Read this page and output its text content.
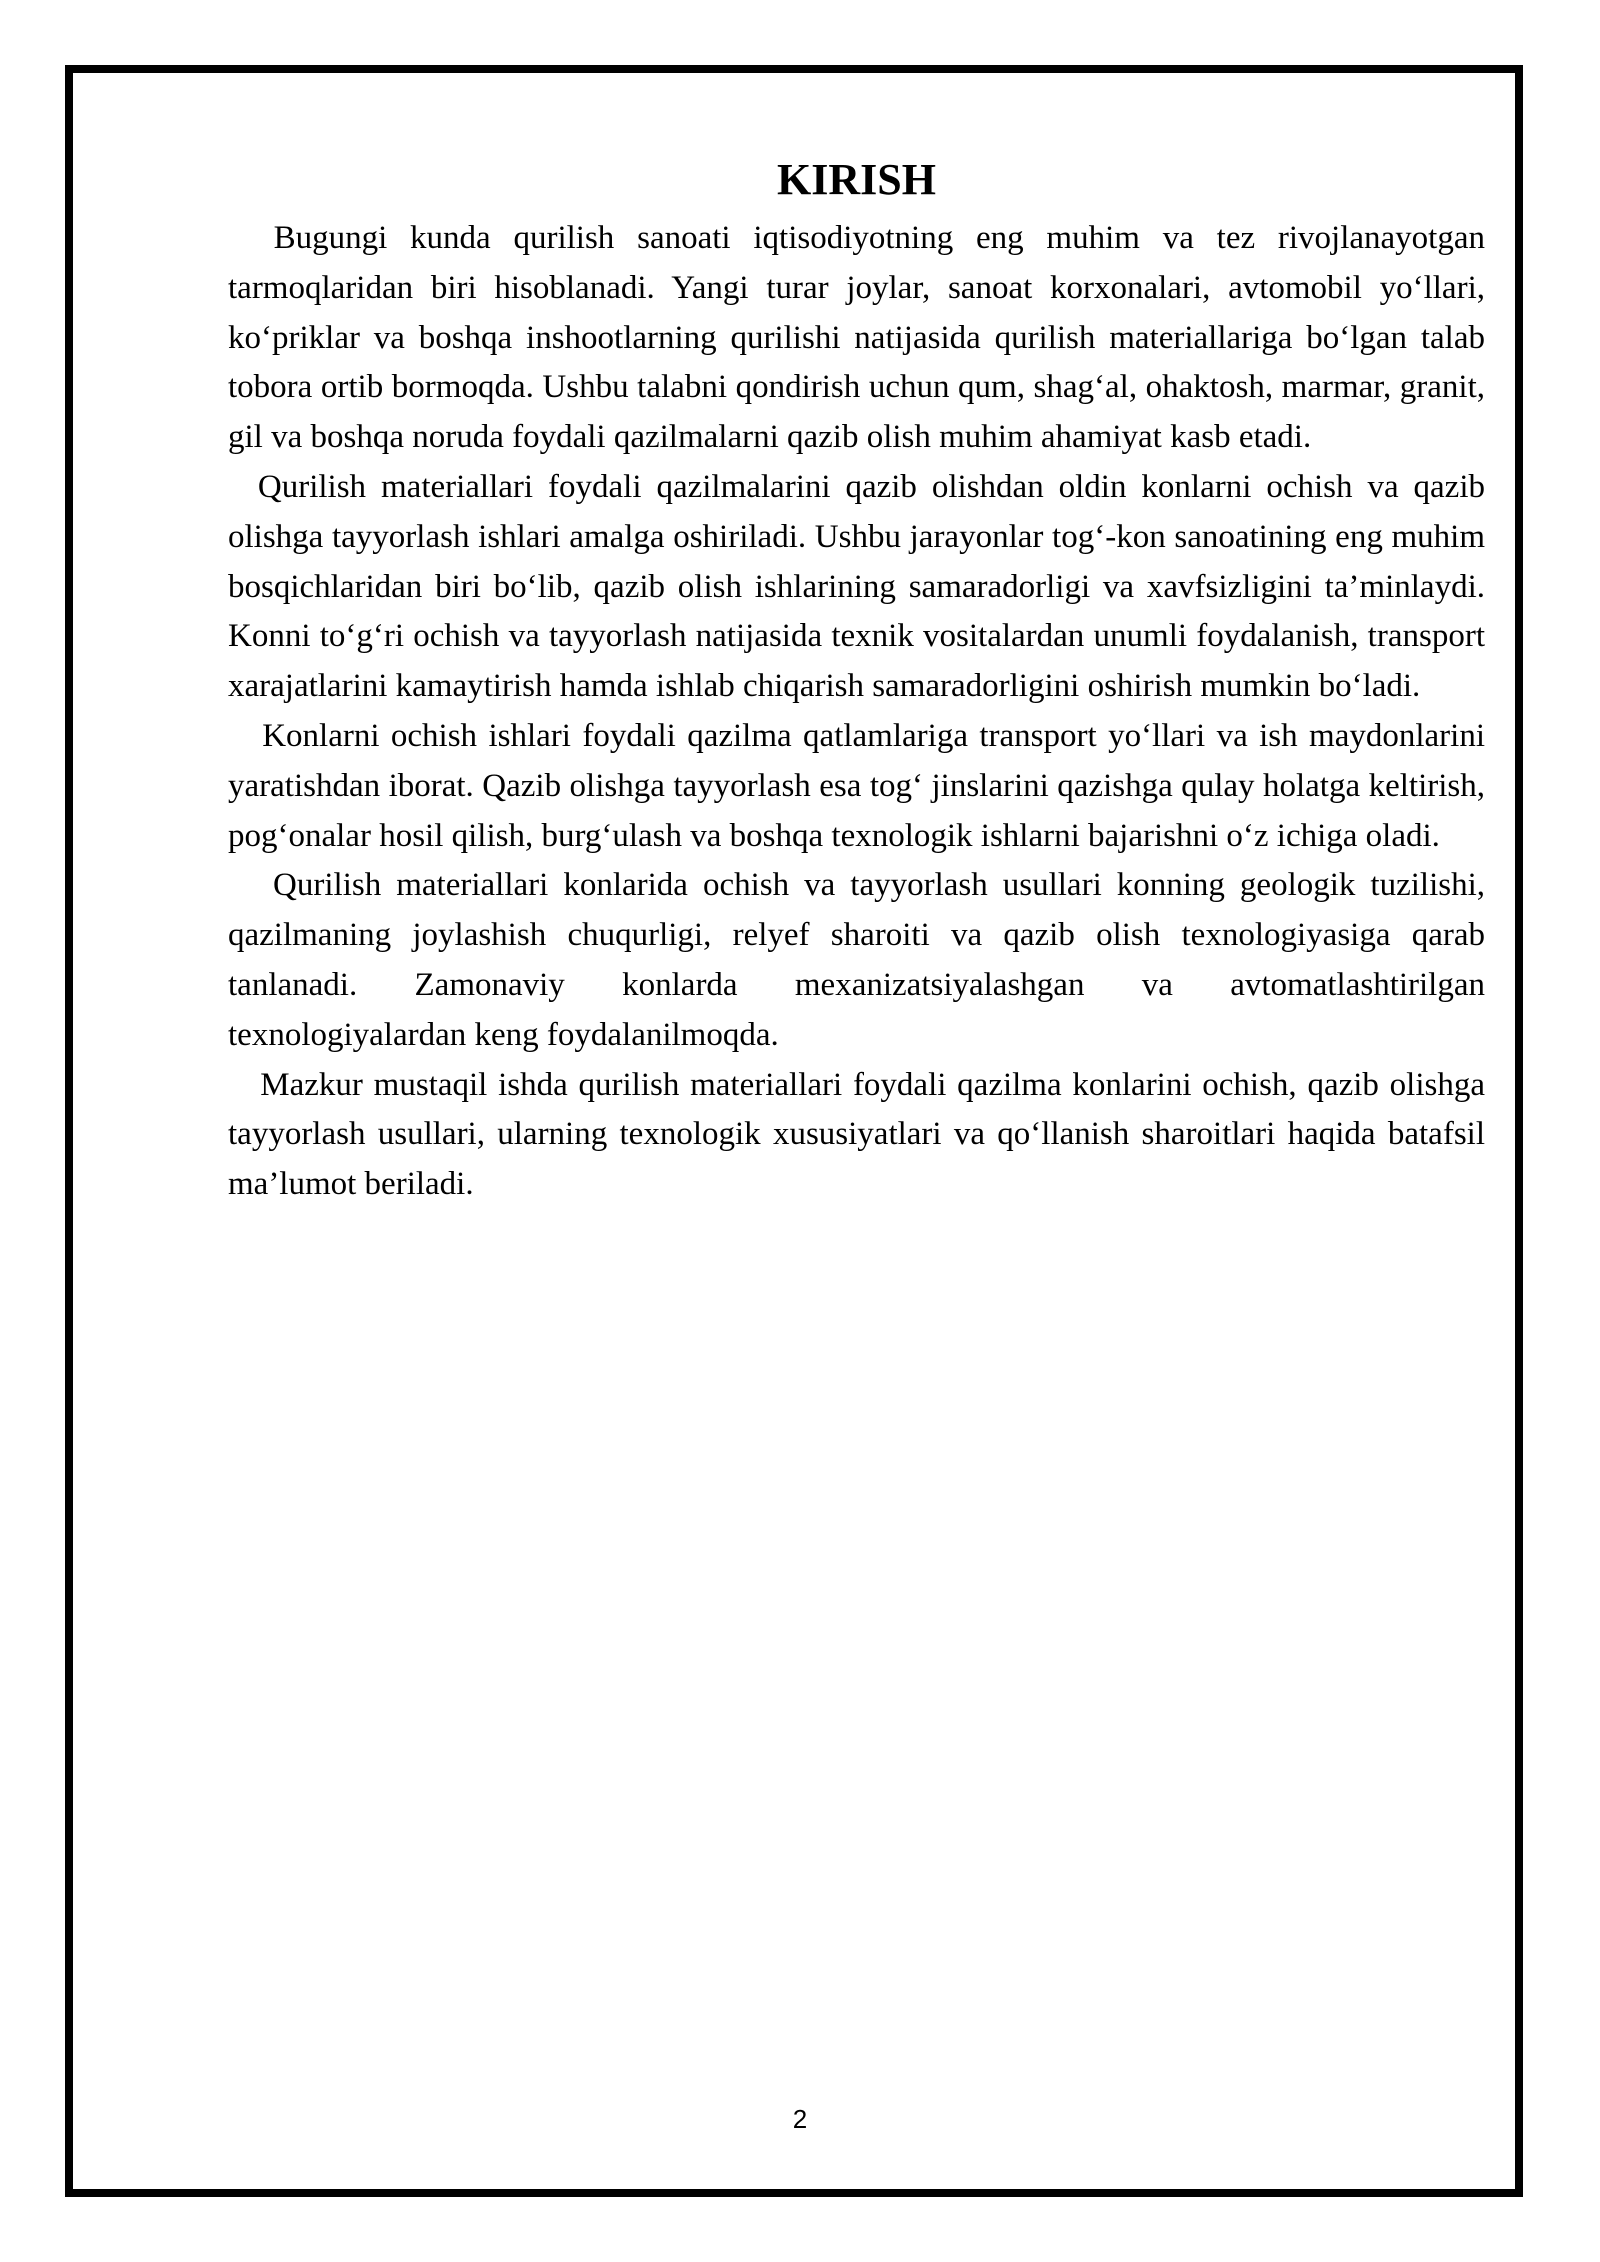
KIRISH

Bugungi kunda qurilish sanoati iqtisodiyotning eng muhim va tez rivojlanayotgan tarmoqlaridan biri hisoblanadi. Yangi turar joylar, sanoat korxonalari, avtomobil yo‘llari, ko‘priklar va boshqa inshootlarning qurilishi natijasida qurilish materiallariga bo‘lgan talab tobora ortib bormoqda. Ushbu talabni qondirish uchun qum, shag‘al, ohaktosh, marmar, granit, gil va boshqa noruda foydali qazilmalarni qazib olish muhim ahamiyat kasb etadi.

Qurilish materiallari foydali qazilmalarini qazib olishdan oldin konlarni ochish va qazib olishga tayyorlash ishlari amalga oshiriladi. Ushbu jarayonlar tog‘-kon sanoatining eng muhim bosqichlaridan biri bo‘lib, qazib olish ishlarining samaradorligi va xavfsizligini ta’minlaydi. Konni to‘g‘ri ochish va tayyorlash natijasida texnik vositalardan unumli foydalanish, transport xarajatlarini kamaytirish hamda ishlab chiqarish samaradorligini oshirish mumkin bo‘ladi.

Konlarni ochish ishlari foydali qazilma qatlamlariga transport yo‘llari va ish maydonlarini yaratishdan iborat. Qazib olishga tayyorlash esa tog‘ jinslarini qazishga qulay holatga keltirish, pog‘onalar hosil qilish, burg‘ulash va boshqa texnologik ishlarni bajarishni o‘z ichiga oladi.

Qurilish materiallari konlarida ochish va tayyorlash usullari konning geologik tuzilishi, qazilmaning joylashish chuqurligi, relyef sharoiti va qazib olish texnologiyasiga qarab tanlanadi. Zamonaviy konlarda mexanizatsiyalashgan va avtomatlashtirilgan texnologiyalardan keng foydalanilmoqda.

Mazkur mustaqil ishda qurilish materiallari foydali qazilma konlarini ochish, qazib olishga tayyorlash usullari, ularning texnologik xususiyatlari va qo‘llanish sharoitlari haqida batafsil ma’lumot beriladi.

2
